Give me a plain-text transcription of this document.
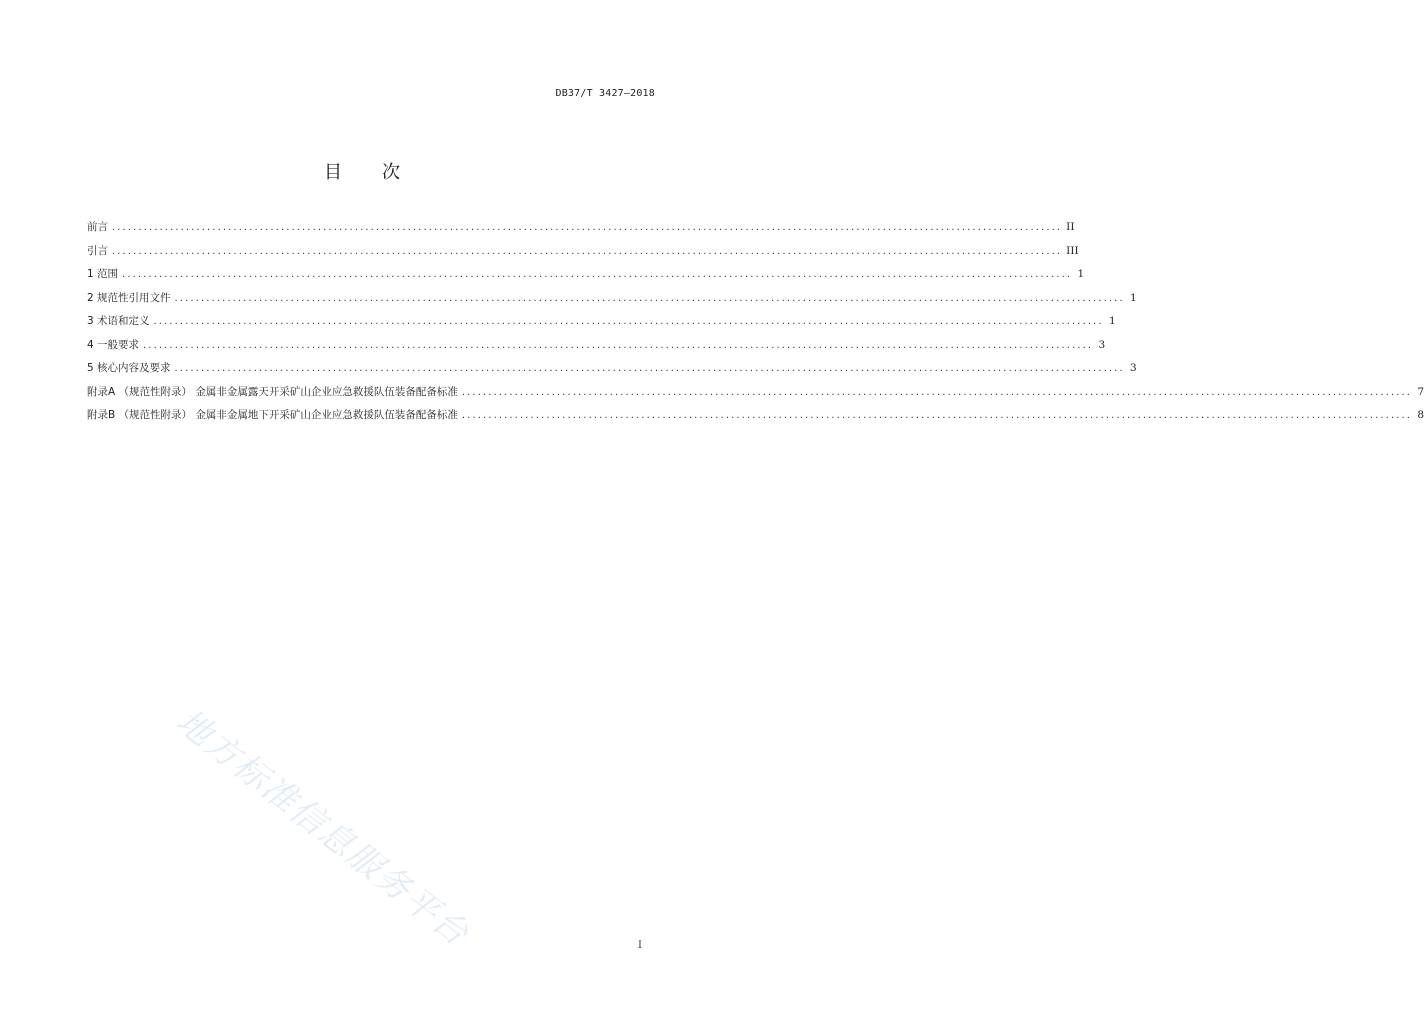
DB37/T 3427—2018
目 次
前言 .................................................................................................................................................................................... II
引言 .................................................................................................................................................................................... III
1 范围 .................................................................................................................................................................................... 1
2 规范性引用文件 .................................................................................................................................................................................... 1
3 术语和定义 .................................................................................................................................................................................... 1
4 一般要求 .................................................................................................................................................................................... 3
5 核心内容及要求 .................................................................................................................................................................................... 3
附录A （规范性附录） 金属非金属露天开采矿山企业应急救援队伍装备配备标准 .................................................................................................................................................................................... 7
附录B （规范性附录） 金属非金属地下开采矿山企业应急救援队伍装备配备标准 .................................................................................................................................................................................... 8
地方标准信息服务平台	I
